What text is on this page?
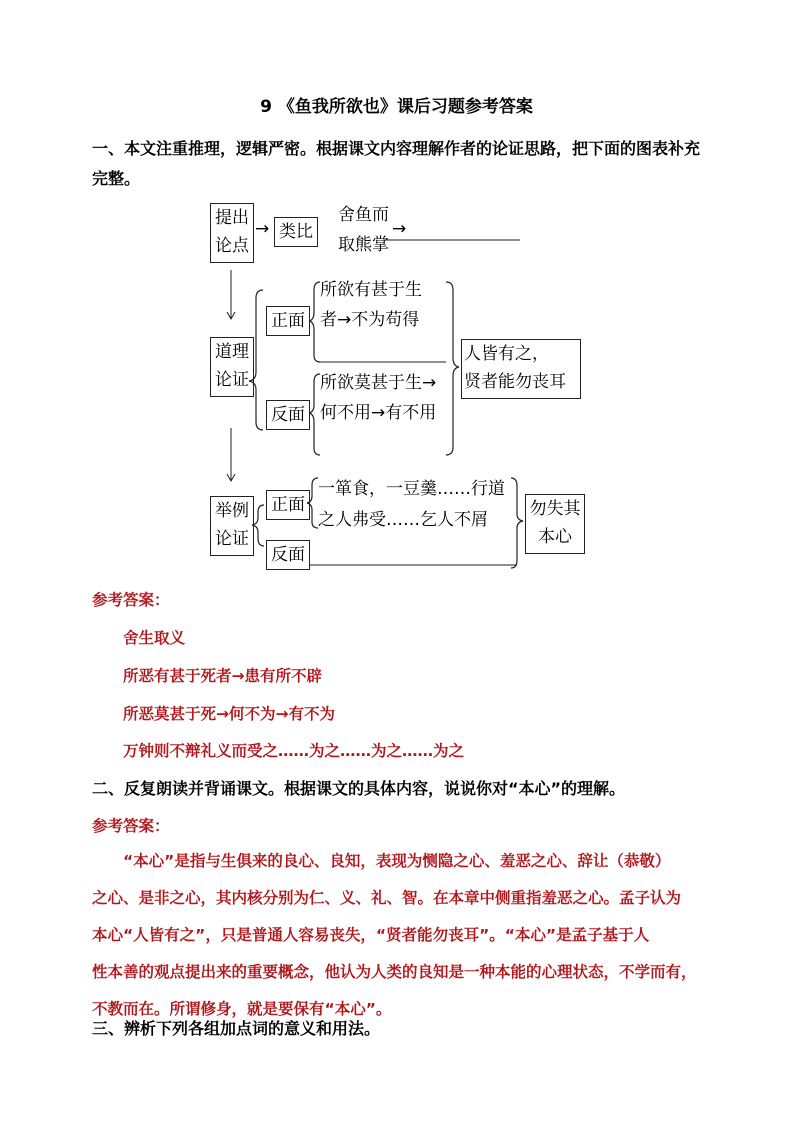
9 《鱼我所欲也》课后习题参考答案
一、本文注重推理，逻辑严密。根据课文内容理解作者的论证思路，把下面的图表补充
完整。
提出
论点
→ 类比
舍鱼而
取熊掌
→
道理
论证
正面
反面
所欲有甚于生
者→不为苟得
所欲莫甚于生→
何不用→有不用
人皆有之，
贤者能勿丧耳
举例
论证
正面
反面
一箪食，一豆羹……行道
之人弗受……乞人不屑
勿失其
本心
参考答案：
舍生取义
所恶有甚于死者→患有所不辟
所恶莫甚于死→何不为→有不为
万钟则不辩礼义而受之……为之……为之……为之
二、反复朗读并背诵课文。根据课文的具体内容，说说你对“本心”的理解。
参考答案：
　　“本心”是指与生俱来的良心、良知，表现为恻隐之心、羞恶之心、辞让（恭敬）
之心、是非之心，其内核分别为仁、义、礼、智。在本章中侧重指羞恶之心。孟子认为
本心“人皆有之”，只是普通人容易丧失，“贤者能勿丧耳”。“本心”是孟子基于人
性本善的观点提出来的重要概念，他认为人类的良知是一种本能的心理状态，不学而有，
不教而在。所谓修身，就是要保有“本心”。
三、辨析下列各组加点词的意义和用法。
